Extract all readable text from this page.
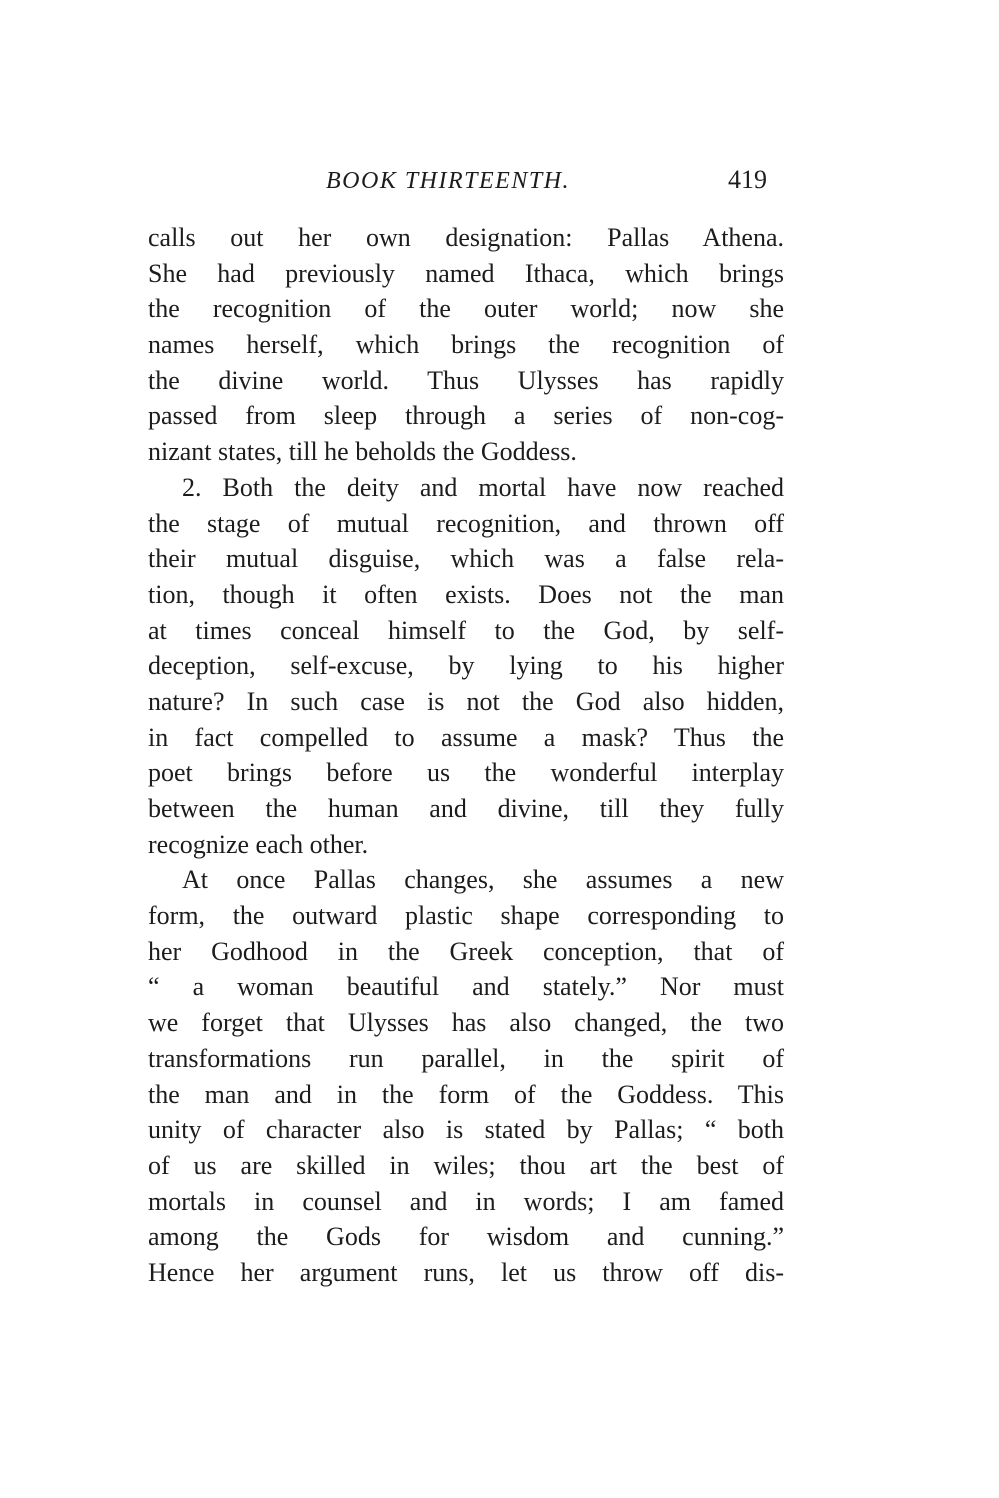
BOOK THIRTEENTH.	419
calls out her own designation: Pallas Athena.
She had previously named Ithaca, which brings
the recognition of the outer world; now she
names herself, which brings the recognition of
the divine world. Thus Ulysses has rapidly
passed from sleep through a series of non-cog-
nizant states, till he beholds the Goddess.
2. Both the deity and mortal have now reached
the stage of mutual recognition, and thrown off
their mutual disguise, which was a false rela-
tion, though it often exists. Does not the man
at times conceal himself to the God, by self-
deception, self-excuse, by lying to his higher
nature? In such case is not the God also hidden,
in fact compelled to assume a mask? Thus the
poet brings before us the wonderful interplay
between the human and divine, till they fully
recognize each other.
At once Pallas changes, she assumes a new
form, the outward plastic shape corresponding to
her Godhood in the Greek conception, that of
“ a woman beautiful and stately.” Nor must
we forget that Ulysses has also changed, the two
transformations run parallel, in the spirit of
the man and in the form of the Goddess. This
unity of character also is stated by Pallas; “ both
of us are skilled in wiles; thou art the best of
mortals in counsel and in words; I am famed
among the Gods for wisdom and cunning.”
Hence her argument runs, let us throw off dis-
